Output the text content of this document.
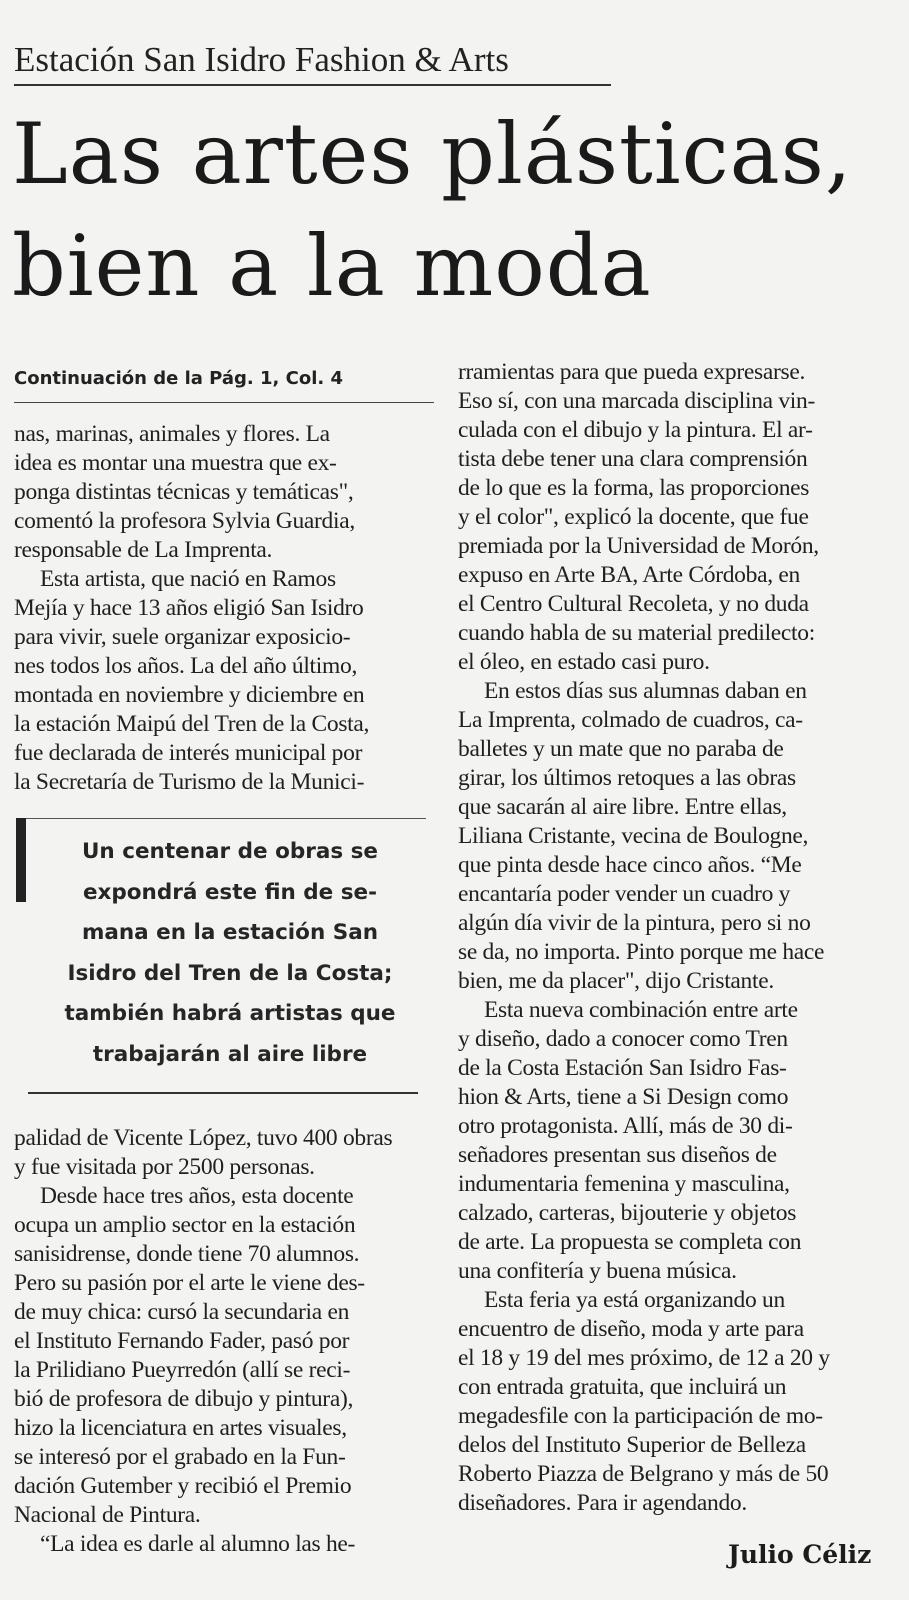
Estación San Isidro Fashion & Arts
Las artes plásticas,
bien a la moda
Continuación de la Pág. 1, Col. 4
nas, marinas, animales y flores. La
idea es montar una muestra que ex-
ponga distintas técnicas y temáticas",
comentó la profesora Sylvia Guardia,
responsable de La Imprenta.
Esta artista, que nació en Ramos
Mejía y hace 13 años eligió San Isidro
para vivir, suele organizar exposicio-
nes todos los años. La del año último,
montada en noviembre y diciembre en
la estación Maipú del Tren de la Costa,
fue declarada de interés municipal por
la Secretaría de Turismo de la Munici-
Un centenar de obras se
expondrá este fin de se-
mana en la estación San
Isidro del Tren de la Costa;
también habrá artistas que
trabajarán al aire libre
palidad de Vicente López, tuvo 400 obras
y fue visitada por 2500 personas.
Desde hace tres años, esta docente
ocupa un amplio sector en la estación
sanisidrense, donde tiene 70 alumnos.
Pero su pasión por el arte le viene des-
de muy chica: cursó la secundaria en
el Instituto Fernando Fader, pasó por
la Prilidiano Pueyrredón (allí se reci-
bió de profesora de dibujo y pintura),
hizo la licenciatura en artes visuales,
se interesó por el grabado en la Fun-
dación Gutember y recibió el Premio
Nacional de Pintura.
“La idea es darle al alumno las he-
rramientas para que pueda expresarse.
Eso sí, con una marcada disciplina vin-
culada con el dibujo y la pintura. El ar-
tista debe tener una clara comprensión
de lo que es la forma, las proporciones
y el color", explicó la docente, que fue
premiada por la Universidad de Morón,
expuso en Arte BA, Arte Córdoba, en
el Centro Cultural Recoleta, y no duda
cuando habla de su material predilecto:
el óleo, en estado casi puro.
En estos días sus alumnas daban en
La Imprenta, colmado de cuadros, ca-
balletes y un mate que no paraba de
girar, los últimos retoques a las obras
que sacarán al aire libre. Entre ellas,
Liliana Cristante, vecina de Boulogne,
que pinta desde hace cinco años. “Me
encantaría poder vender un cuadro y
algún día vivir de la pintura, pero si no
se da, no importa. Pinto porque me hace
bien, me da placer", dijo Cristante.
Esta nueva combinación entre arte
y diseño, dado a conocer como Tren
de la Costa Estación San Isidro Fas-
hion & Arts, tiene a Si Design como
otro protagonista. Allí, más de 30 di-
señadores presentan sus diseños de
indumentaria femenina y masculina,
calzado, carteras, bijouterie y objetos
de arte. La propuesta se completa con
una confitería y buena música.
Esta feria ya está organizando un
encuentro de diseño, moda y arte para
el 18 y 19 del mes próximo, de 12 a 20 y
con entrada gratuita, que incluirá un
megadesfile con la participación de mo-
delos del Instituto Superior de Belleza
Roberto Piazza de Belgrano y más de 50
diseñadores. Para ir agendando.
Julio Céliz
